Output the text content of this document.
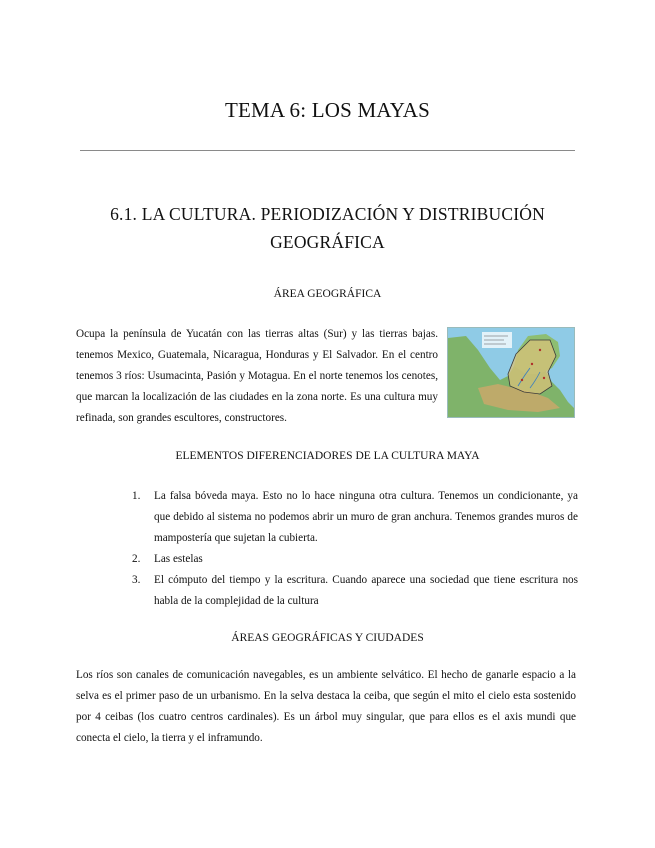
TEMA 6: LOS MAYAS
6.1. LA CULTURA. PERIODIZACIÓN Y DISTRIBUCIÓN
GEOGRÁFICA
ÁREA GEOGRÁFICA

Ocupa la península de Yucatán con las tierras altas (Sur) y las tierras bajas. tenemos Mexico, Guatemala, Nicaragua, Honduras y El Salvador. En el centro tenemos 3 ríos: Usumacinta, Pasión y Motagua. En el norte tenemos los cenotes, que marcan la localización de las ciudades en la zona norte. Es una cultura muy refinada, son grandes escultores, constructores.

ELEMENTOS DIFERENCIADORES DE LA CULTURA MAYA
1. La falsa bóveda maya. Esto no lo hace ninguna otra cultura. Tenemos un condicionante, ya que debido al sistema no podemos abrir un muro de gran anchura. Tenemos grandes muros de mampostería que sujetan la cubierta.
2. Las estelas
3. El cómputo del tiempo y la escritura. Cuando aparece una sociedad que tiene escritura nos habla de la complejidad de la cultura
ÁREAS GEOGRÁFICAS Y CIUDADES

Los ríos son canales de comunicación navegables, es un ambiente selvático. El hecho de ganarle espacio a la selva es el primer paso de un urbanismo. En la selva destaca la ceiba, que según el mito el cielo esta sostenido por 4 ceibas (los cuatro centros cardinales). Es un árbol muy singular, que para ellos es el axis mundi que conecta el cielo, la tierra y el inframundo.
